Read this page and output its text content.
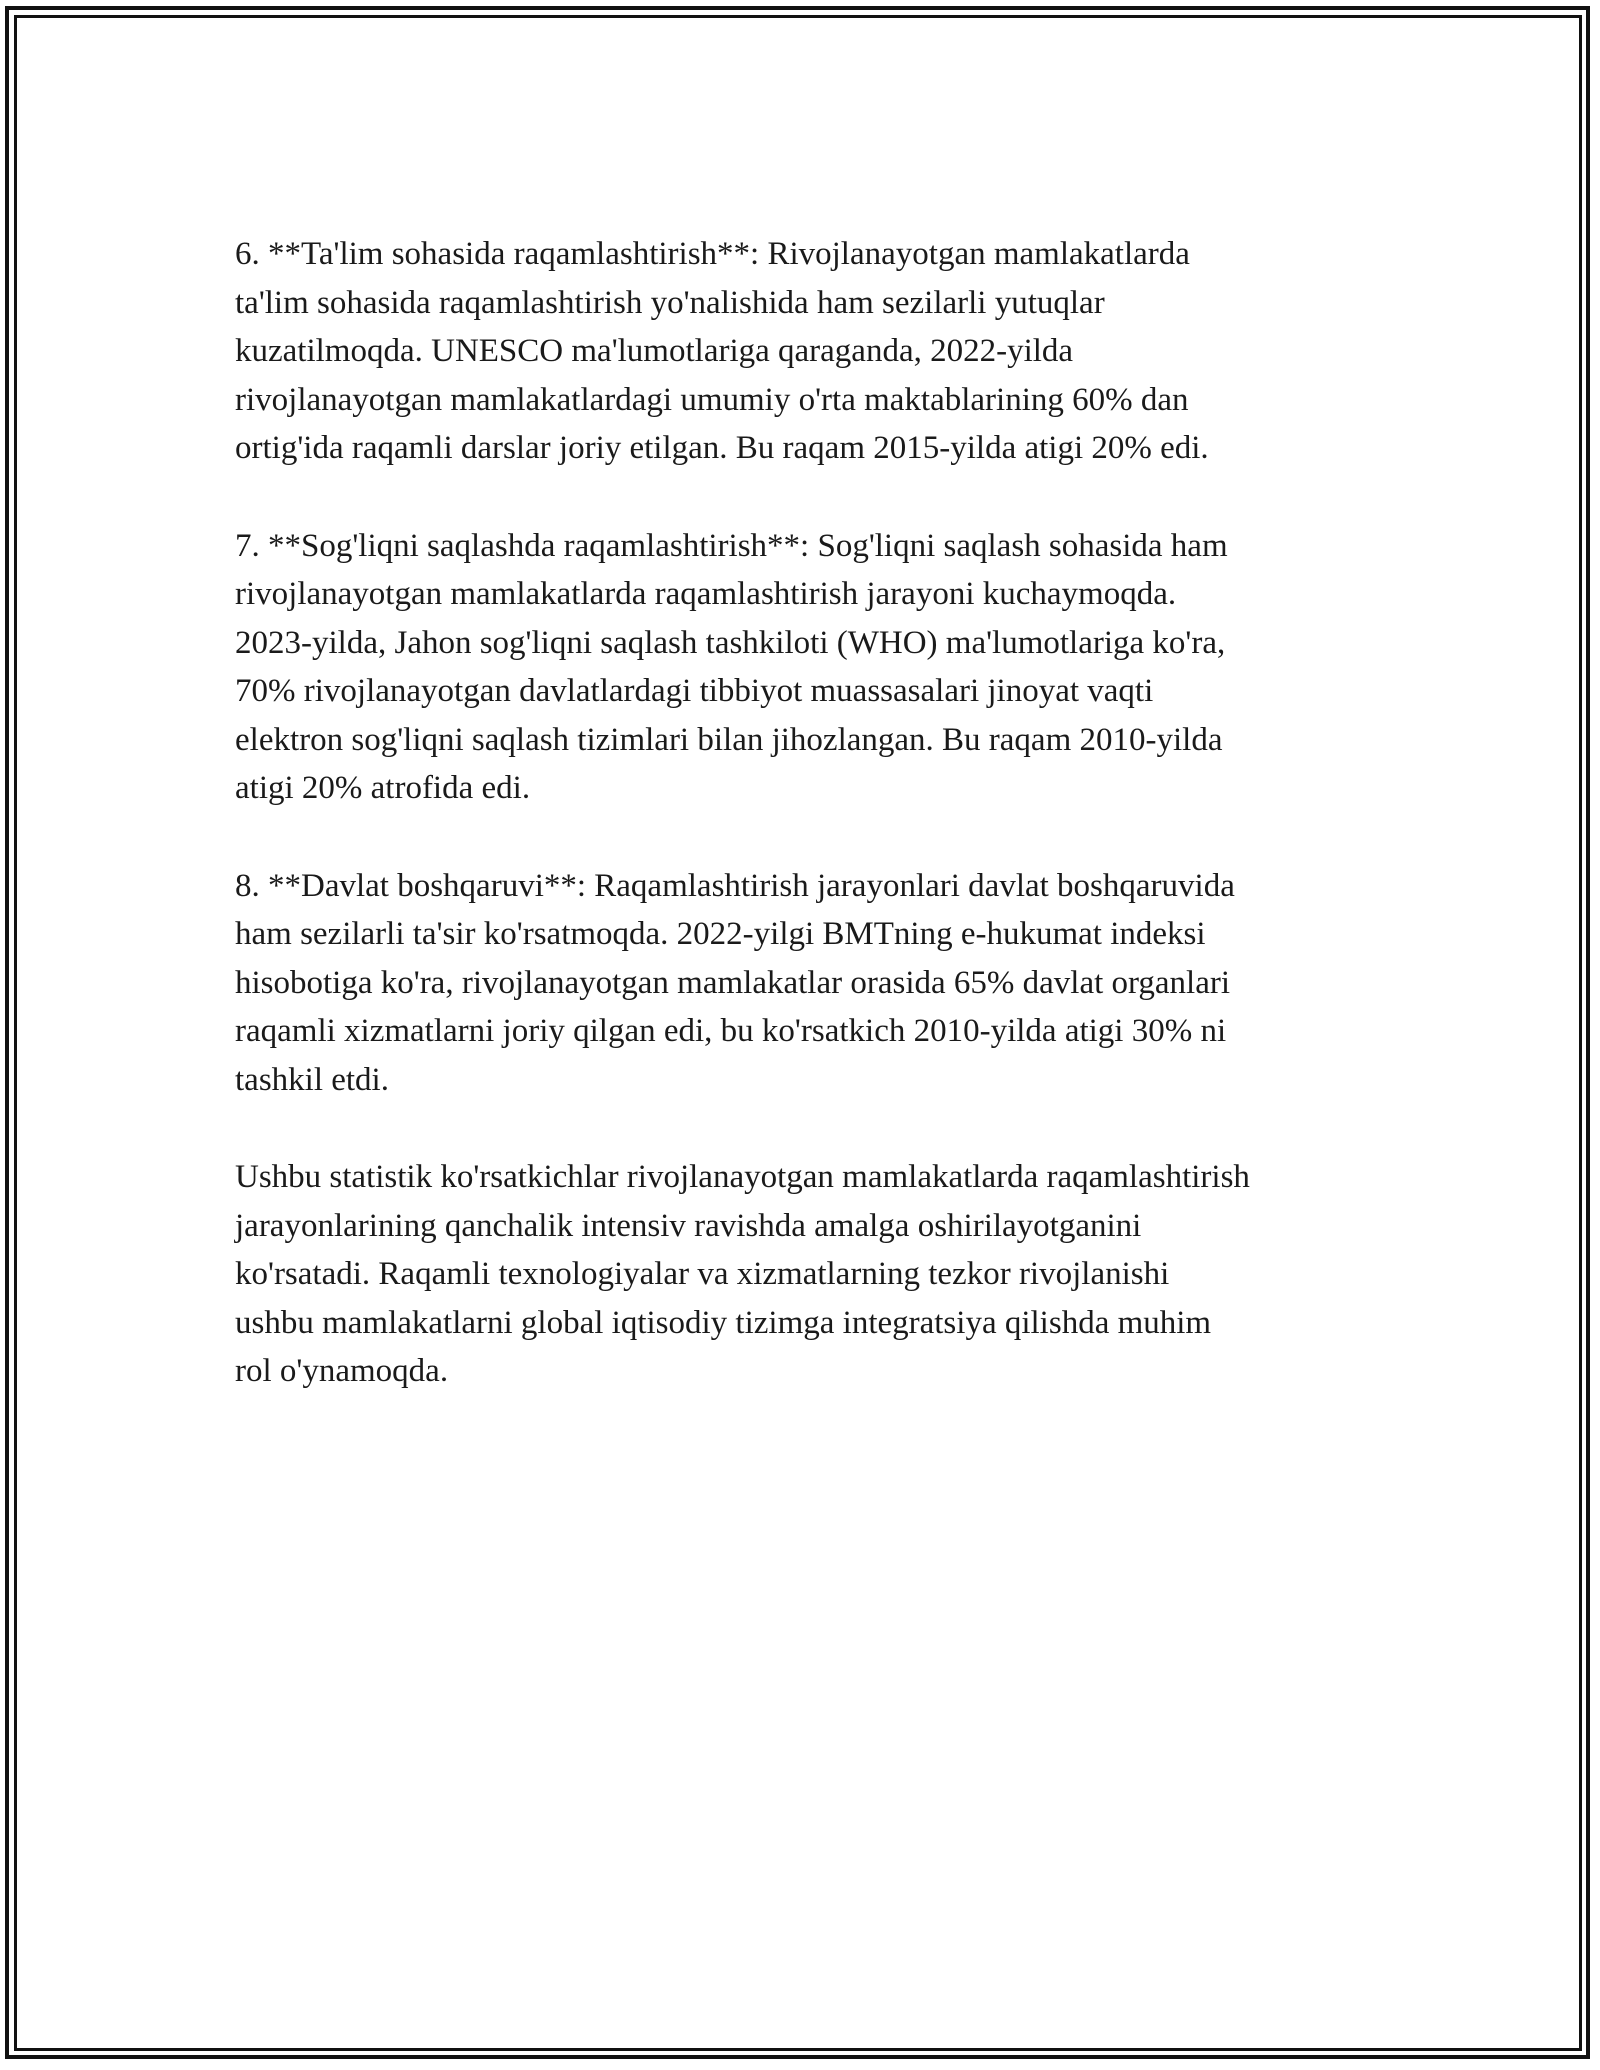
6. **Ta'lim sohasida raqamlashtirish**: Rivojlanayotgan mamlakatlarda
ta'lim sohasida raqamlashtirish yo'nalishida ham sezilarli yutuqlar
kuzatilmoqda. UNESCO ma'lumotlariga qaraganda, 2022-yilda
rivojlanayotgan mamlakatlardagi umumiy o'rta maktablarining 60% dan
ortig'ida raqamli darslar joriy etilgan. Bu raqam 2015-yilda atigi 20% edi.

7. **Sog'liqni saqlashda raqamlashtirish**: Sog'liqni saqlash sohasida ham
rivojlanayotgan mamlakatlarda raqamlashtirish jarayoni kuchaymoqda.
2023-yilda, Jahon sog'liqni saqlash tashkiloti (WHO) ma'lumotlariga ko'ra,
70% rivojlanayotgan davlatlardagi tibbiyot muassasalari jinoyat vaqti
elektron sog'liqni saqlash tizimlari bilan jihozlangan. Bu raqam 2010-yilda
atigi 20% atrofida edi.

8. **Davlat boshqaruvi**: Raqamlashtirish jarayonlari davlat boshqaruvida
ham sezilarli ta'sir ko'rsatmoqda. 2022-yilgi BMTning e-hukumat indeksi
hisobotiga ko'ra, rivojlanayotgan mamlakatlar orasida 65% davlat organlari
raqamli xizmatlarni joriy qilgan edi, bu ko'rsatkich 2010-yilda atigi 30% ni
tashkil etdi.

Ushbu statistik ko'rsatkichlar rivojlanayotgan mamlakatlarda raqamlashtirish
jarayonlarining qanchalik intensiv ravishda amalga oshirilayotganini
ko'rsatadi. Raqamli texnologiyalar va xizmatlarning tezkor rivojlanishi
ushbu mamlakatlarni global iqtisodiy tizimga integratsiya qilishda muhim
rol o'ynamoqda.
